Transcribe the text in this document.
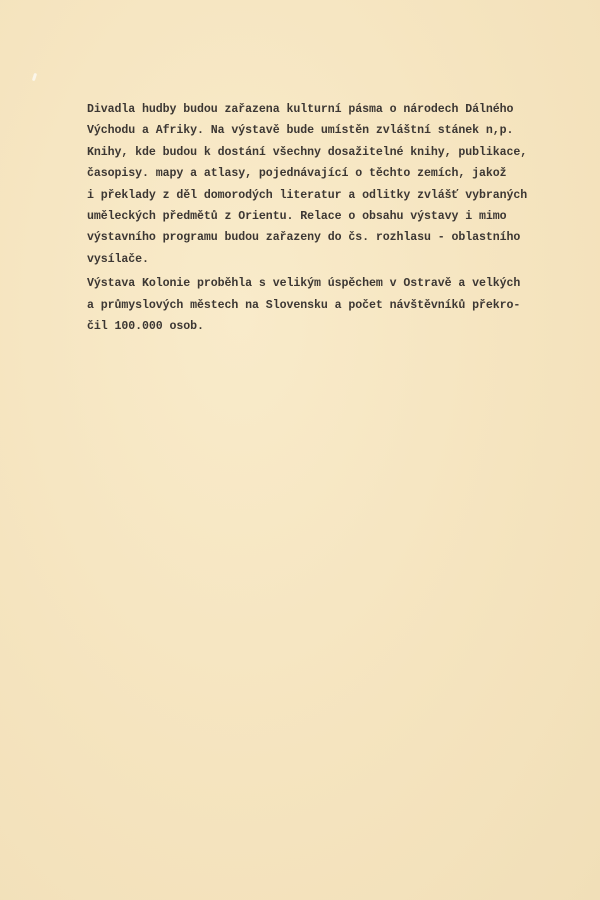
Divadla hudby budou zařazena kulturní pásma o národech Dálného
Východu a Afriky. Na výstavě bude umístěn zvláštní stánek n,p.
Knihy, kde budou k dostání všechny dosažitelné knihy, publikace,
časopisy. mapy a atlasy, pojednávající o těchto zemích, jakož
i překlady z děl domorodých literatur a odlitky zvlášť vybraných
uměleckých předmětů z Orientu. Relace o obsahu výstavy i mimo
výstavního programu budou zařazeny do čs. rozhlasu - oblastního
vysílače.
Výstava Kolonie proběhla s velikým úspěchem v Ostravě a velkých
a průmyslových městech na Slovensku a počet návštěvníků překro-
čil 100.000 osob.
